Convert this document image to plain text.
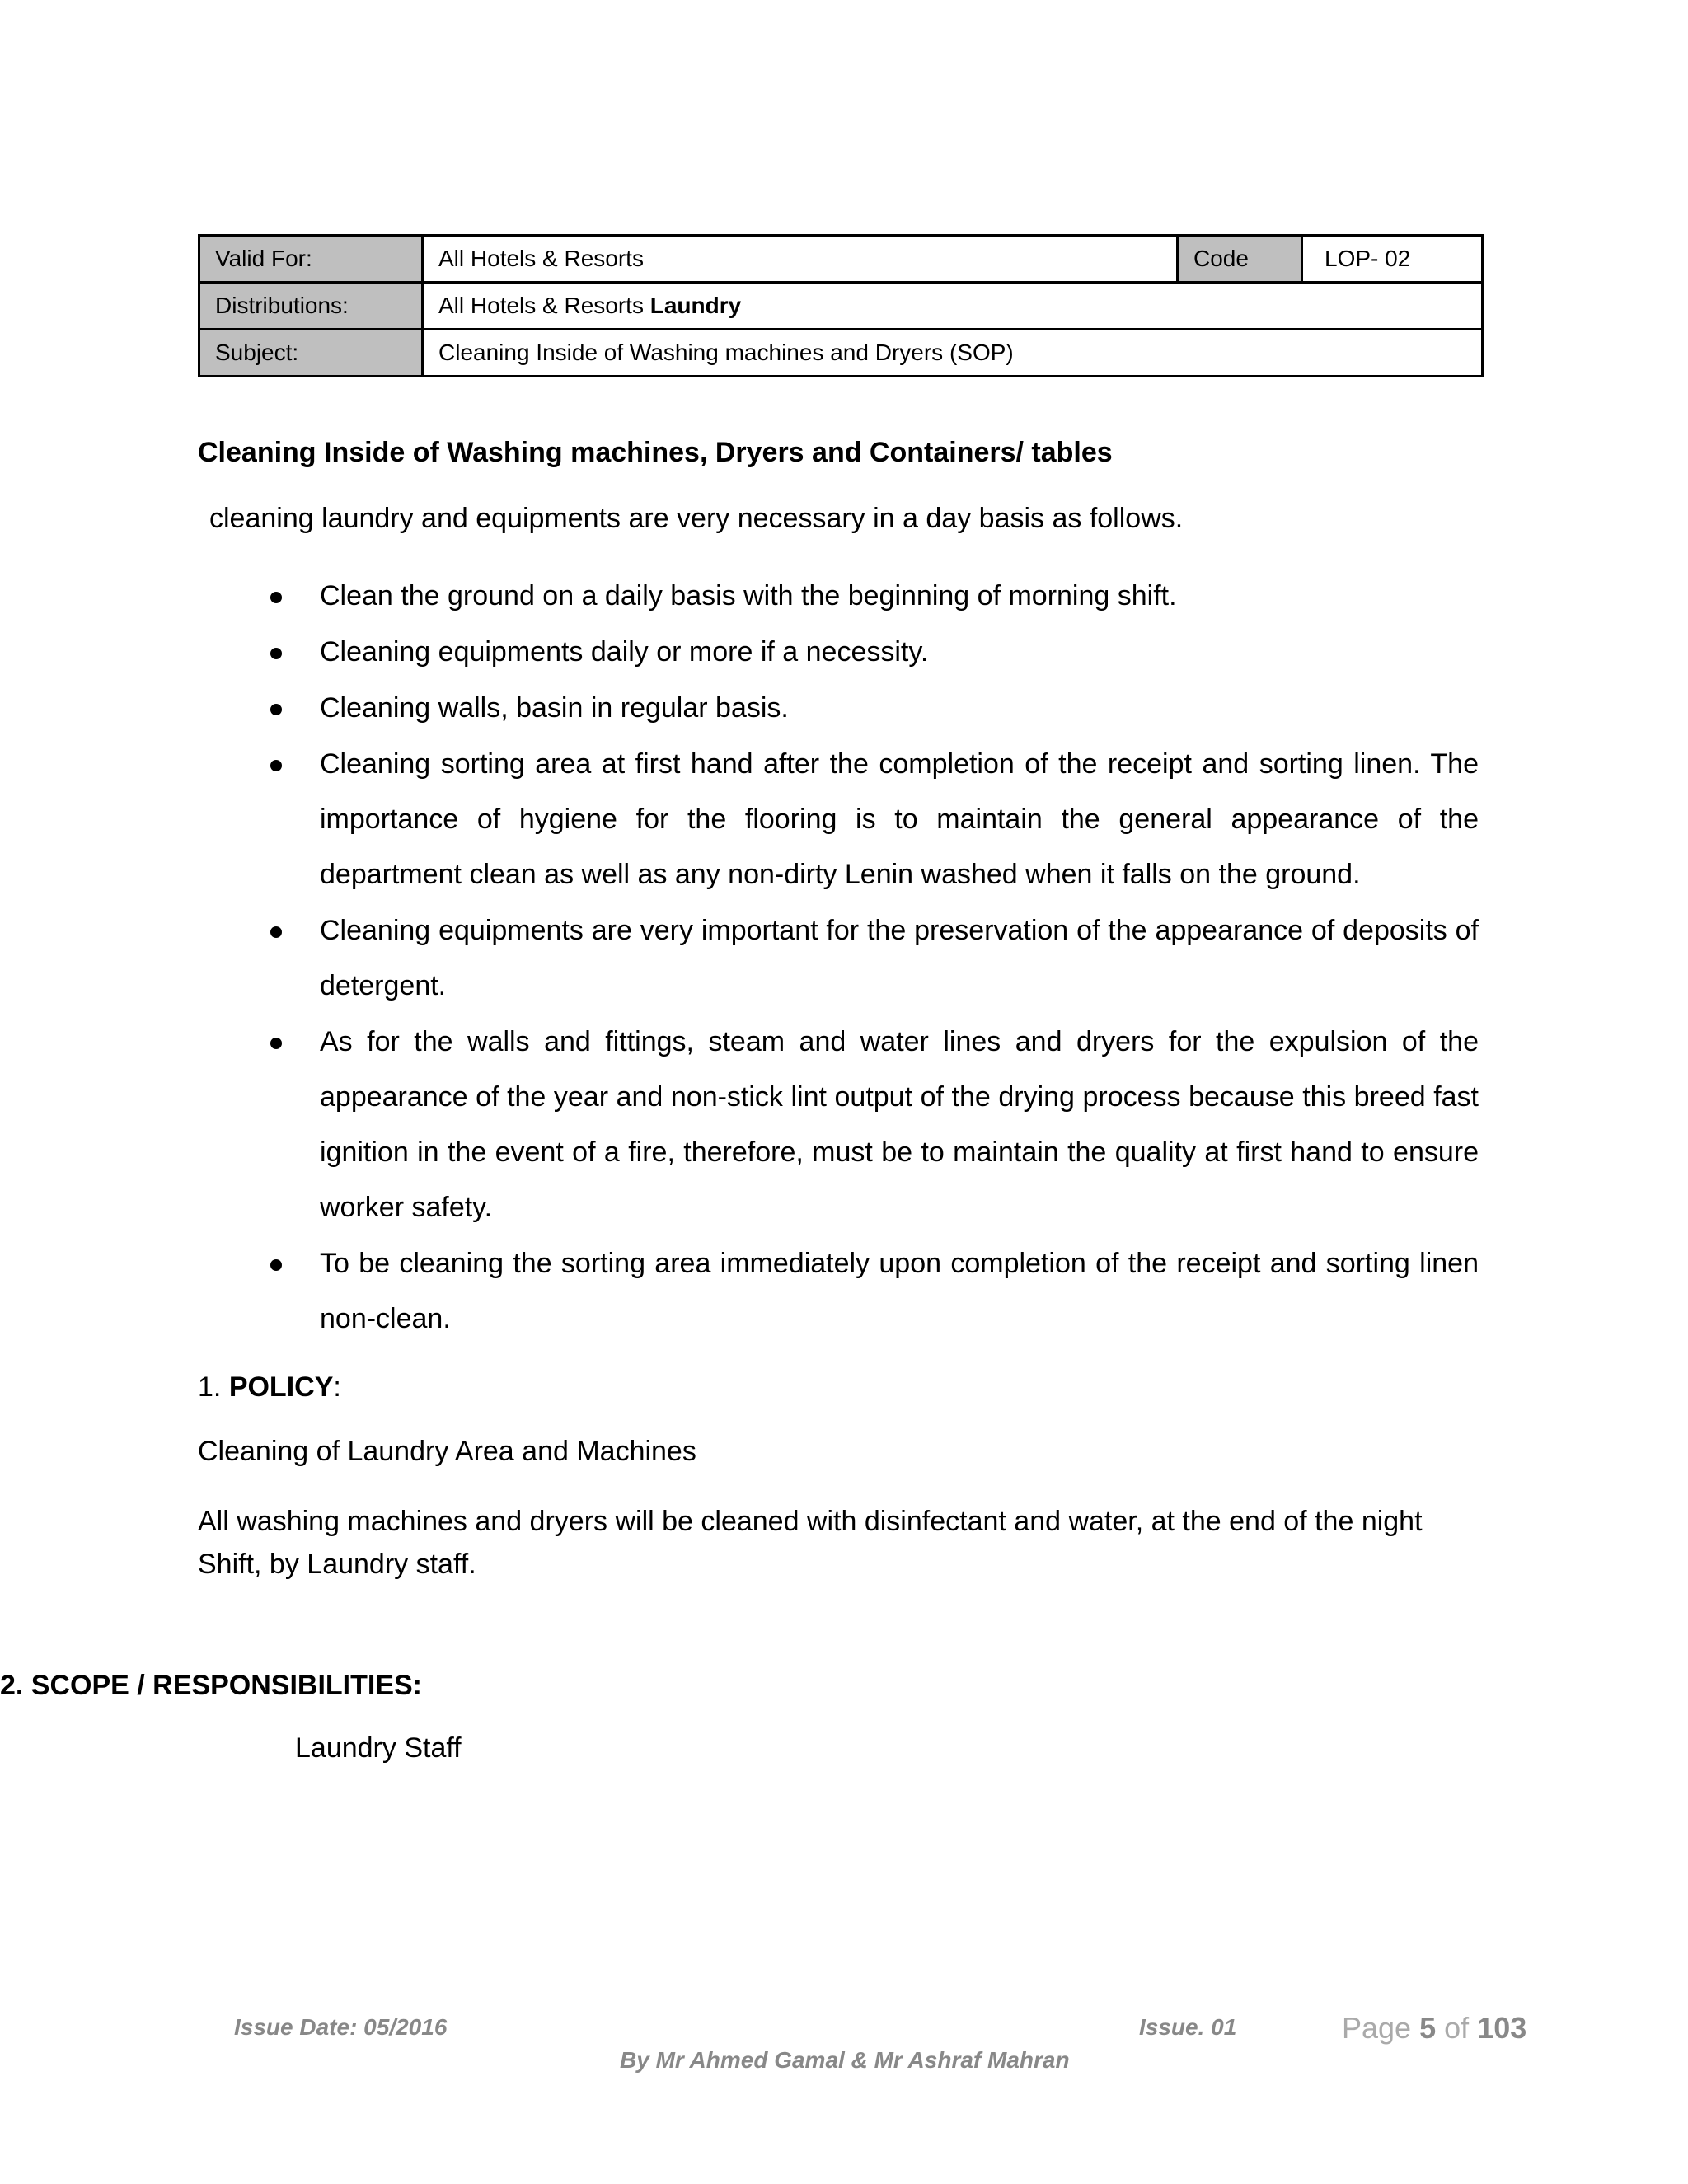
Valid For:	All Hotels & Resorts	Code	LOP- 02
Distributions:	All Hotels & Resorts Laundry		
Subject:	Cleaning Inside of Washing machines and Dryers (SOP)		
Cleaning Inside of Washing machines, Dryers and Containers/ tables
cleaning laundry and equipments are very necessary in a day basis as follows.
Clean the ground on a daily basis with the beginning of morning shift.
Cleaning equipments daily or more if a necessity.
Cleaning walls, basin in regular basis.
Cleaning sorting area at first hand after the completion of the receipt and sorting linen. The importance of hygiene for the flooring is to maintain the general appearance of the department clean as well as any non-dirty Lenin washed when it falls on the ground.
Cleaning equipments are very important for the preservation of the appearance of deposits of detergent.
As for the walls and fittings, steam and water lines and dryers for the expulsion of the appearance of the year and non-stick lint output of the drying process because this breed fast ignition in the event of a fire, therefore, must be to maintain the quality at first hand to ensure worker safety.
To be cleaning the sorting area immediately upon completion of the receipt and sorting linen non-clean.
1. POLICY:
Cleaning of Laundry Area and Machines
All washing machines and dryers will be cleaned with disinfectant and water, at the end of the night Shift, by Laundry staff.
2. SCOPE / RESPONSIBILITIES:
Laundry Staff
Issue Date: 05/2016	Issue. 01	Page 5 of 103
By Mr Ahmed Gamal & Mr Ashraf Mahran
